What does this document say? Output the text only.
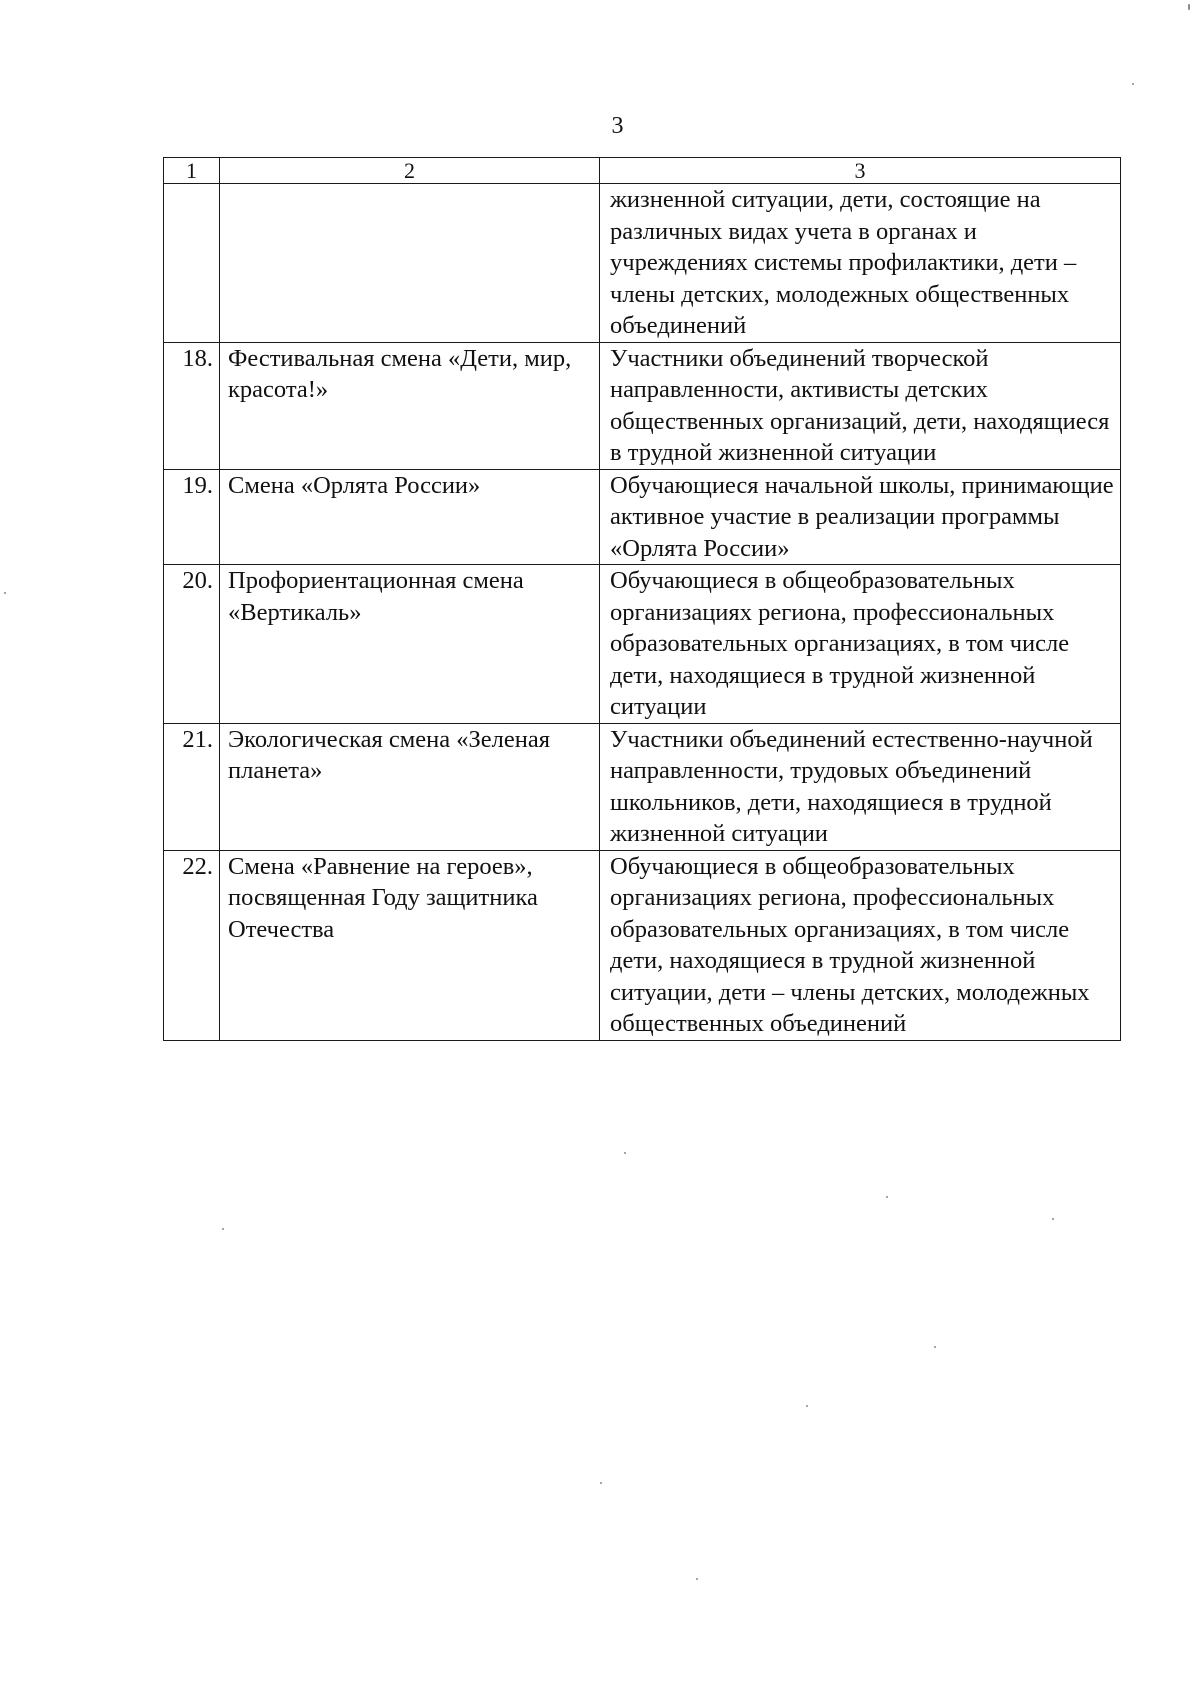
3
1	2	3
		жизненной ситуации, дети, состоящие на различных видах учета в органах и учреждениях системы профилактики, дети – члены детских, молодежных общественных объединений
18.	Фестивальная смена «Дети, мир, красота!»	Участники объединений творческой направленности, активисты детских общественных организаций, дети, находящиеся в трудной жизненной ситуации
19.	Смена «Орлята России»	Обучающиеся начальной школы, принимающие активное участие в реализации программы «Орлята России»
20.	Профориентационная смена «Вертикаль»	Обучающиеся в общеобразовательных организациях региона, профессиональных образовательных организациях, в том числе дети, находящиеся в трудной жизненной ситуации
21.	Экологическая смена «Зеленая планета»	Участники объединений естественно-научной направленности, трудовых объединений школьников, дети, находящиеся в трудной жизненной ситуации
22.	Смена «Равнение на героев», посвященная Году защитника Отечества	Обучающиеся в общеобразовательных организациях региона, профессиональных образовательных организациях, в том числе дети, находящиеся в трудной жизненной ситуации, дети – члены детских, молодежных общественных объединений
